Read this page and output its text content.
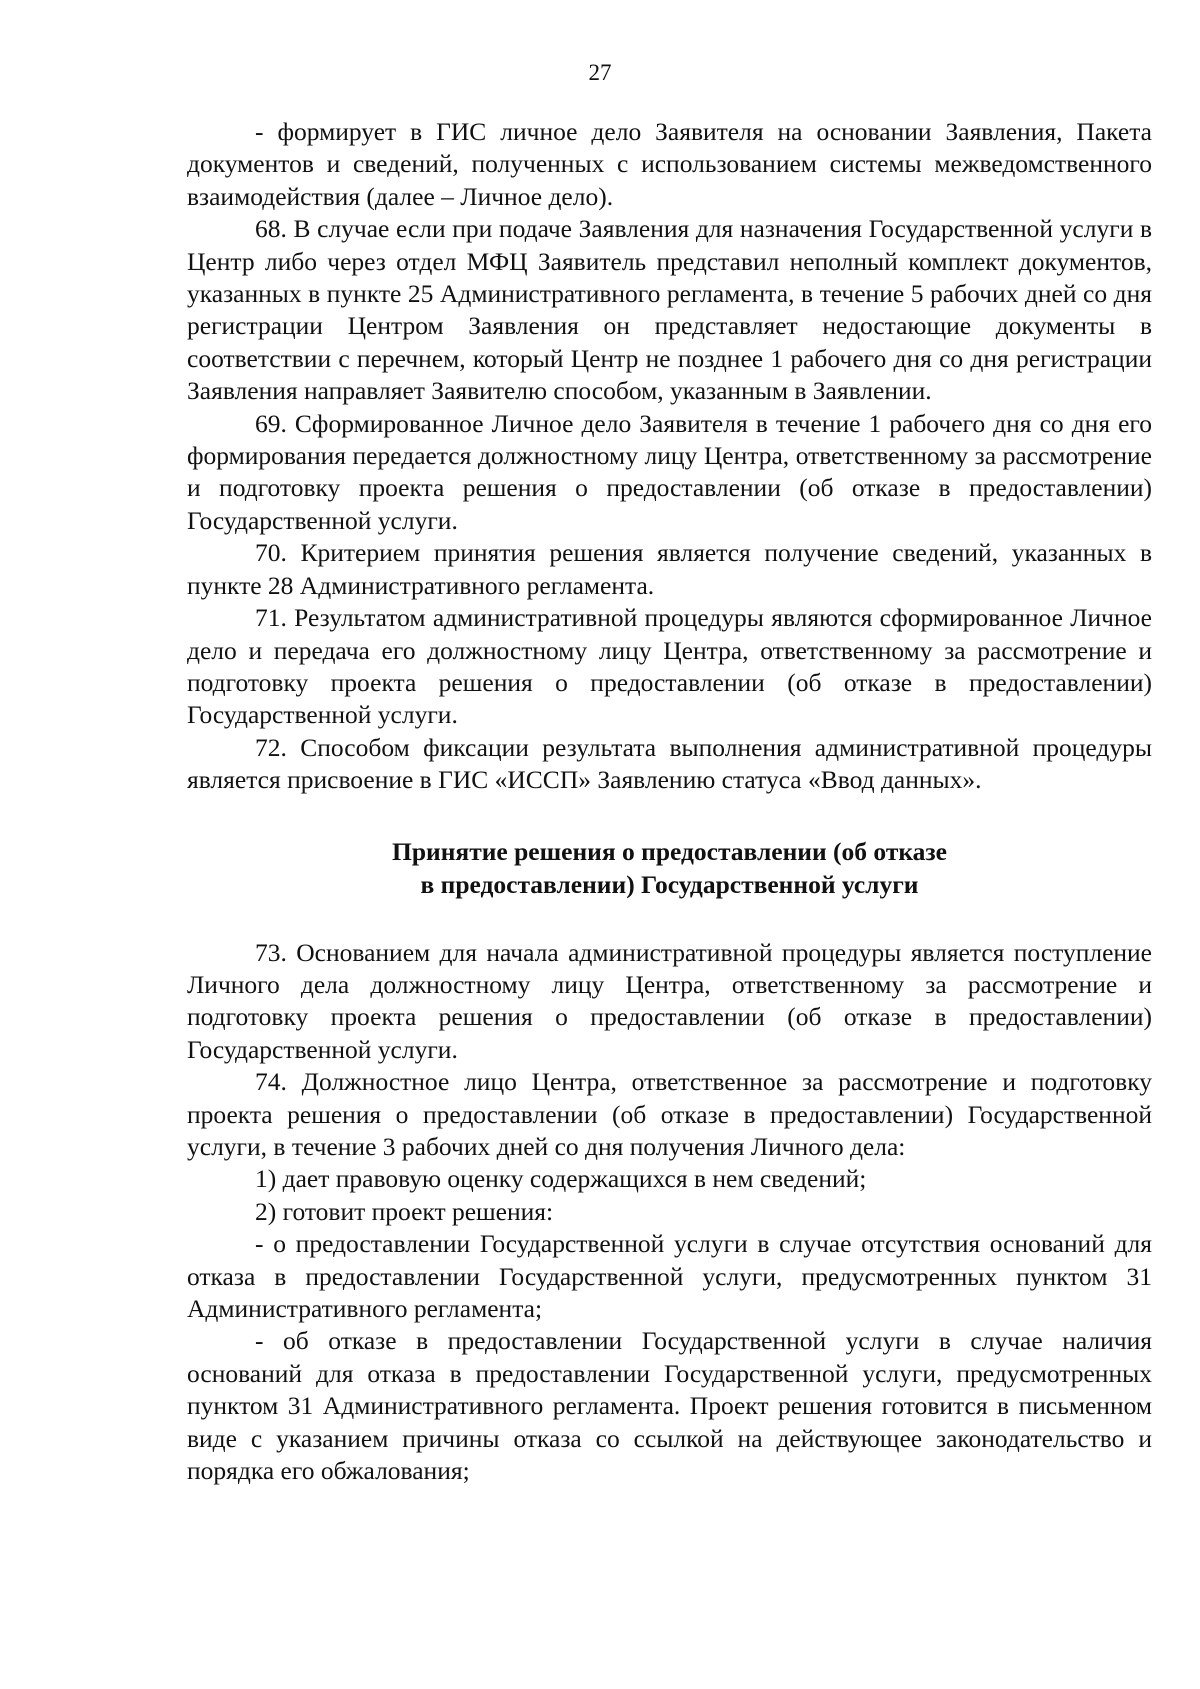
27

- формирует в ГИС личное дело Заявителя на основании Заявления, Пакета документов и сведений, полученных с использованием системы межведомственного взаимодействия (далее – Личное дело).

68. В случае если при подаче Заявления для назначения Государственной услуги в Центр либо через отдел МФЦ Заявитель представил неполный комплект документов, указанных в пункте 25 Административного регламента, в течение 5 рабочих дней со дня регистрации Центром Заявления он представляет недостающие документы в соответствии с перечнем, который Центр не позднее 1 рабочего дня со дня регистрации Заявления направляет Заявителю способом, указанным в Заявлении.

69. Сформированное Личное дело Заявителя в течение 1 рабочего дня со дня его формирования передается должностному лицу Центра, ответственному за рассмотрение и подготовку проекта решения о предоставлении (об отказе в предоставлении) Государственной услуги.

70. Критерием принятия решения является получение сведений, указанных в пункте 28 Административного регламента.

71. Результатом административной процедуры являются сформированное Личное дело и передача его должностному лицу Центра, ответственному за рассмотрение и подготовку проекта решения о предоставлении (об отказе в предоставлении) Государственной услуги.

72. Способом фиксации результата выполнения административной процедуры является присвоение в ГИС «ИССП» Заявлению статуса «Ввод данных».

Принятие решения о предоставлении (об отказе
в предоставлении) Государственной услуги

73. Основанием для начала административной процедуры является поступление Личного дела должностному лицу Центра, ответственному за рассмотрение и подготовку проекта решения о предоставлении (об отказе в предоставлении) Государственной услуги.

74. Должностное лицо Центра, ответственное за рассмотрение и подготовку проекта решения о предоставлении (об отказе в предоставлении) Государственной услуги, в течение 3 рабочих дней со дня получения Личного дела:

1) дает правовую оценку содержащихся в нем сведений;

2) готовит проект решения:

- о предоставлении Государственной услуги в случае отсутствия оснований для отказа в предоставлении Государственной услуги, предусмотренных пунктом 31 Административного регламента;

- об отказе в предоставлении Государственной услуги в случае наличия оснований для отказа в предоставлении Государственной услуги, предусмотренных пунктом 31 Административного регламента. Проект решения готовится в письменном виде с указанием причины отказа со ссылкой на действующее законодательство и порядка его обжалования;
